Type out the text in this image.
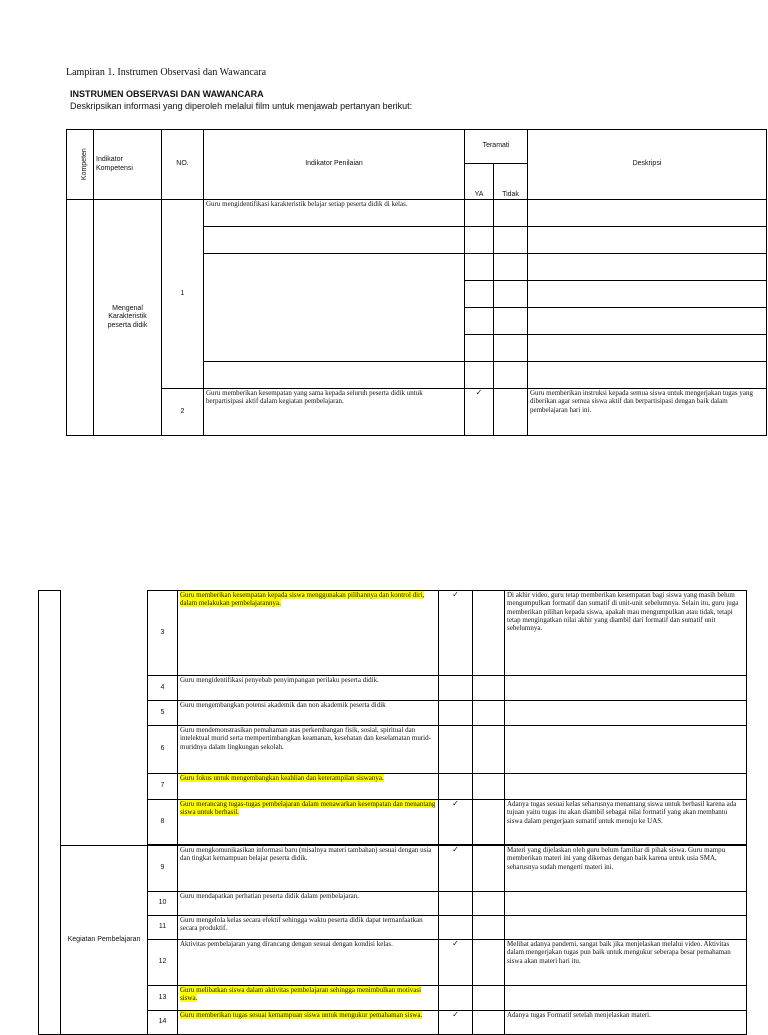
Lampiran 1. Instrumen Observasi dan Wawancara
INSTRUMEN OBSERVASI DAN WAWANCARA
Deskripsikan informasi yang diperoleh melalui film untuk menjawab pertanyan berikut:
Kompeten	Indikator Kompetensi	NO.	Indikator Penilaian	Teramati		Deskripsi
				YA	Tidak	
	Mengenal Karakteristik peserta didik	1	Guru mengidentifikasi karakteristik belajar setiap peserta didik di kelas.			

		2	Guru memberikan kesempatan yang sama kepada seluruh peserta didik untuk berpartisipasi aktif dalam kegiatan pembelajaran.	✓		Guru memberikan instruksi kepada semua siswa untuk mengerjakan tugas yang diberikan agar semua siswa aktif dan berpartisipasi dengan baik dalam pembelajaran hari ini.
		3	Guru memberikan kesempatan kepada siswa menggunakan pilihannya dan kontrol diri, dalam melakukan pembelajarannya.	✓		Di akhir video, guru tetap memberikan kesempatan bagi siswa yang masih belum mengumpulkan formatif dan sumatif di unit-unit sebelumnya. Selain itu, guru juga memberikan pilihan kepada siswa, apakah mau mengumpulkan atau tidak, tetapi tetap mengingatkan nilai akhir yang diambil dari formatif dan sumatif unit sebelumnya.
		4	Guru mengidentifikasi penyebab penyimpangan perilaku peserta didik.			
		5	Guru mengembangkan potensi akademik dan non akademik peserta didik			
		6	Guru mendemonstrasikan pemahaman atas perkembangan fisik, sosial, spiritual dan intelektual murid serta mempertimbangkan keamanan, kesehatan dan keselamatan murid-muridnya dalam lingkungan sekolah.			
		7	Guru fokus untuk mengembangkan keahlian dan keterampilan siswanya.			
		8	Guru merancang tugas-tugas pembelajaran dalam menawarkan kesempatan dan menantang siswa untuk berhasil.	✓		Adanya tugas sesuai kelas seharusnya menantang siswa untuk berhasil karena ada tujuan yaitu tugas itu akan diambil sebagai nilai formatif yang akan membantu siswa dalam pengerjaan sumatif untuk menuju ke UAS.

	Kegiatan Pembelajaran	9	Guru mengkomunikasikan informasi baru (misalnya materi tambahan) sesuai dengan usia dan tingkat kemampuan belajar peserta didik.	✓		Materi yang dijelaskan oleh guru belum familiar di pihak siswa. Guru mampu memberikan materi ini yang dikemas dengan baik karena untuk usia SMA, seharusnya sudah mengerti materi ini.
		10	Guru mendapatkan perhatian peserta didik dalam pembelajaran.			
		11	Guru mengelola kelas secara efektif sehingga waktu peserta didik dapat termanfaatkan secara produktif.			
		12	Aktivitas pembelajaran yang dirancang dengan sesuai dengan kondisi kelas.	✓		Melihat adanya pandemi, sangat baik jika menjelaskan melalui video. Aktivitas dalam mengerjakan tugas pun baik untuk mengukur seberapa besar pemahaman siswa akan materi hari itu.
		13	Guru melibatkan siswa dalam aktivitas pembelajaran sehingga menimbulkan motivasi siswa.			
		14	Guru memberikan tugas sesuai kemampuan siswa untuk mengukur pemahaman siswa.	✓		Adanya tugas Formatif setelah menjelaskan materi.
